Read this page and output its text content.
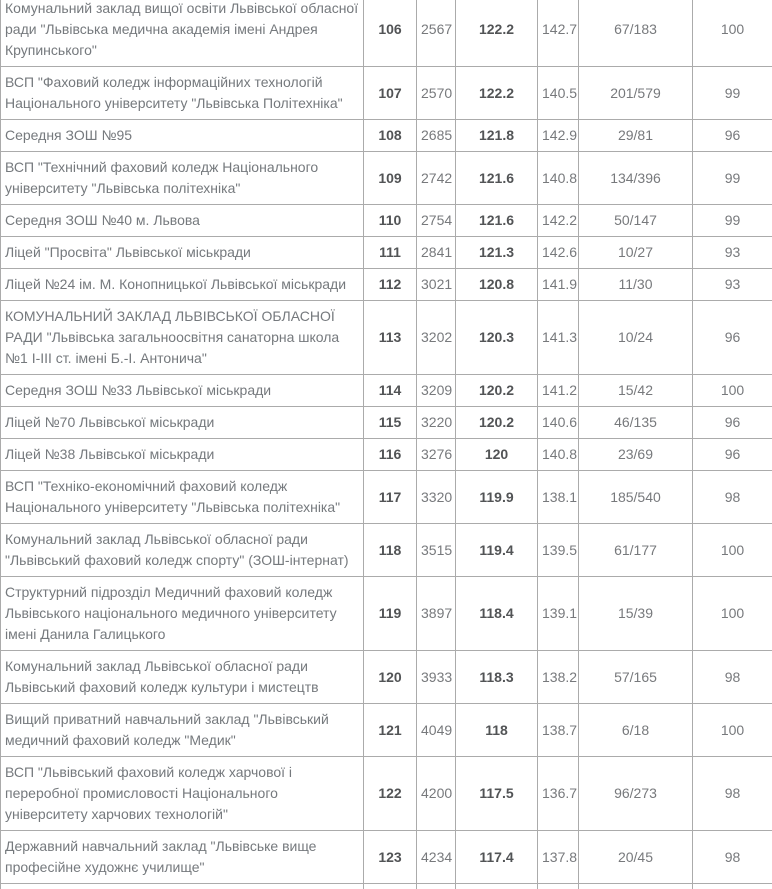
Комунальний заклад вищої освіти Львівської обласної ради "Львівська медична академія імені Андрея Крупинського"	106	2567	122.2	142.7	67/183	100
ВСП "Фаховий коледж інформаційних технологій Національного університету "Львівська Політехніка"	107	2570	122.2	140.5	201/579	99
Середня ЗОШ №95	108	2685	121.8	142.9	29/81	96
ВСП "Технічний фаховий коледж Національного університету "Львівська політехніка"	109	2742	121.6	140.8	134/396	99
Середня ЗОШ №40 м. Львова	110	2754	121.6	142.2	50/147	99
Ліцей "Просвіта" Львівської міськради	111	2841	121.3	142.6	10/27	93
Ліцей №24 ім. М. Конопницької Львівської міськради	112	3021	120.8	141.9	11/30	93
КОМУНАЛЬНИЙ ЗАКЛАД ЛЬВІВСЬКОЇ ОБЛАСНОЇ РАДИ "Львівська загальноосвітня санаторна школа №1 І-ІІІ ст. імені Б.-І. Антонича"	113	3202	120.3	141.3	10/24	96
Середня ЗОШ №33 Львівської міськради	114	3209	120.2	141.2	15/42	100
Ліцей №70 Львівської міськради	115	3220	120.2	140.6	46/135	96
Ліцей №38 Львівської міськради	116	3276	120	140.8	23/69	96
ВСП "Техніко-економічний фаховий коледж Національного університету "Львівська політехніка"	117	3320	119.9	138.1	185/540	98
Комунальний заклад Львівської обласної ради "Львівський фаховий коледж спорту" (ЗОШ-інтернат)	118	3515	119.4	139.5	61/177	100
Структурний підрозділ Медичний фаховий коледж Львівського національного медичного університету імені Данила Галицького	119	3897	118.4	139.1	15/39	100
Комунальний заклад Львівської обласної ради Львівський фаховий коледж культури і мистецтв	120	3933	118.3	138.2	57/165	98
Вищий приватний навчальний заклад "Львівський медичний фаховий коледж "Медик"	121	4049	118	138.7	6/18	100
ВСП "Львівський фаховий коледж харчової і переробної промисловості Національного університету харчових технологій"	122	4200	117.5	136.7	96/273	98
Державний навчальний заклад "Львівське вище професійне художнє училище"	123	4234	117.4	137.8	20/45	98
